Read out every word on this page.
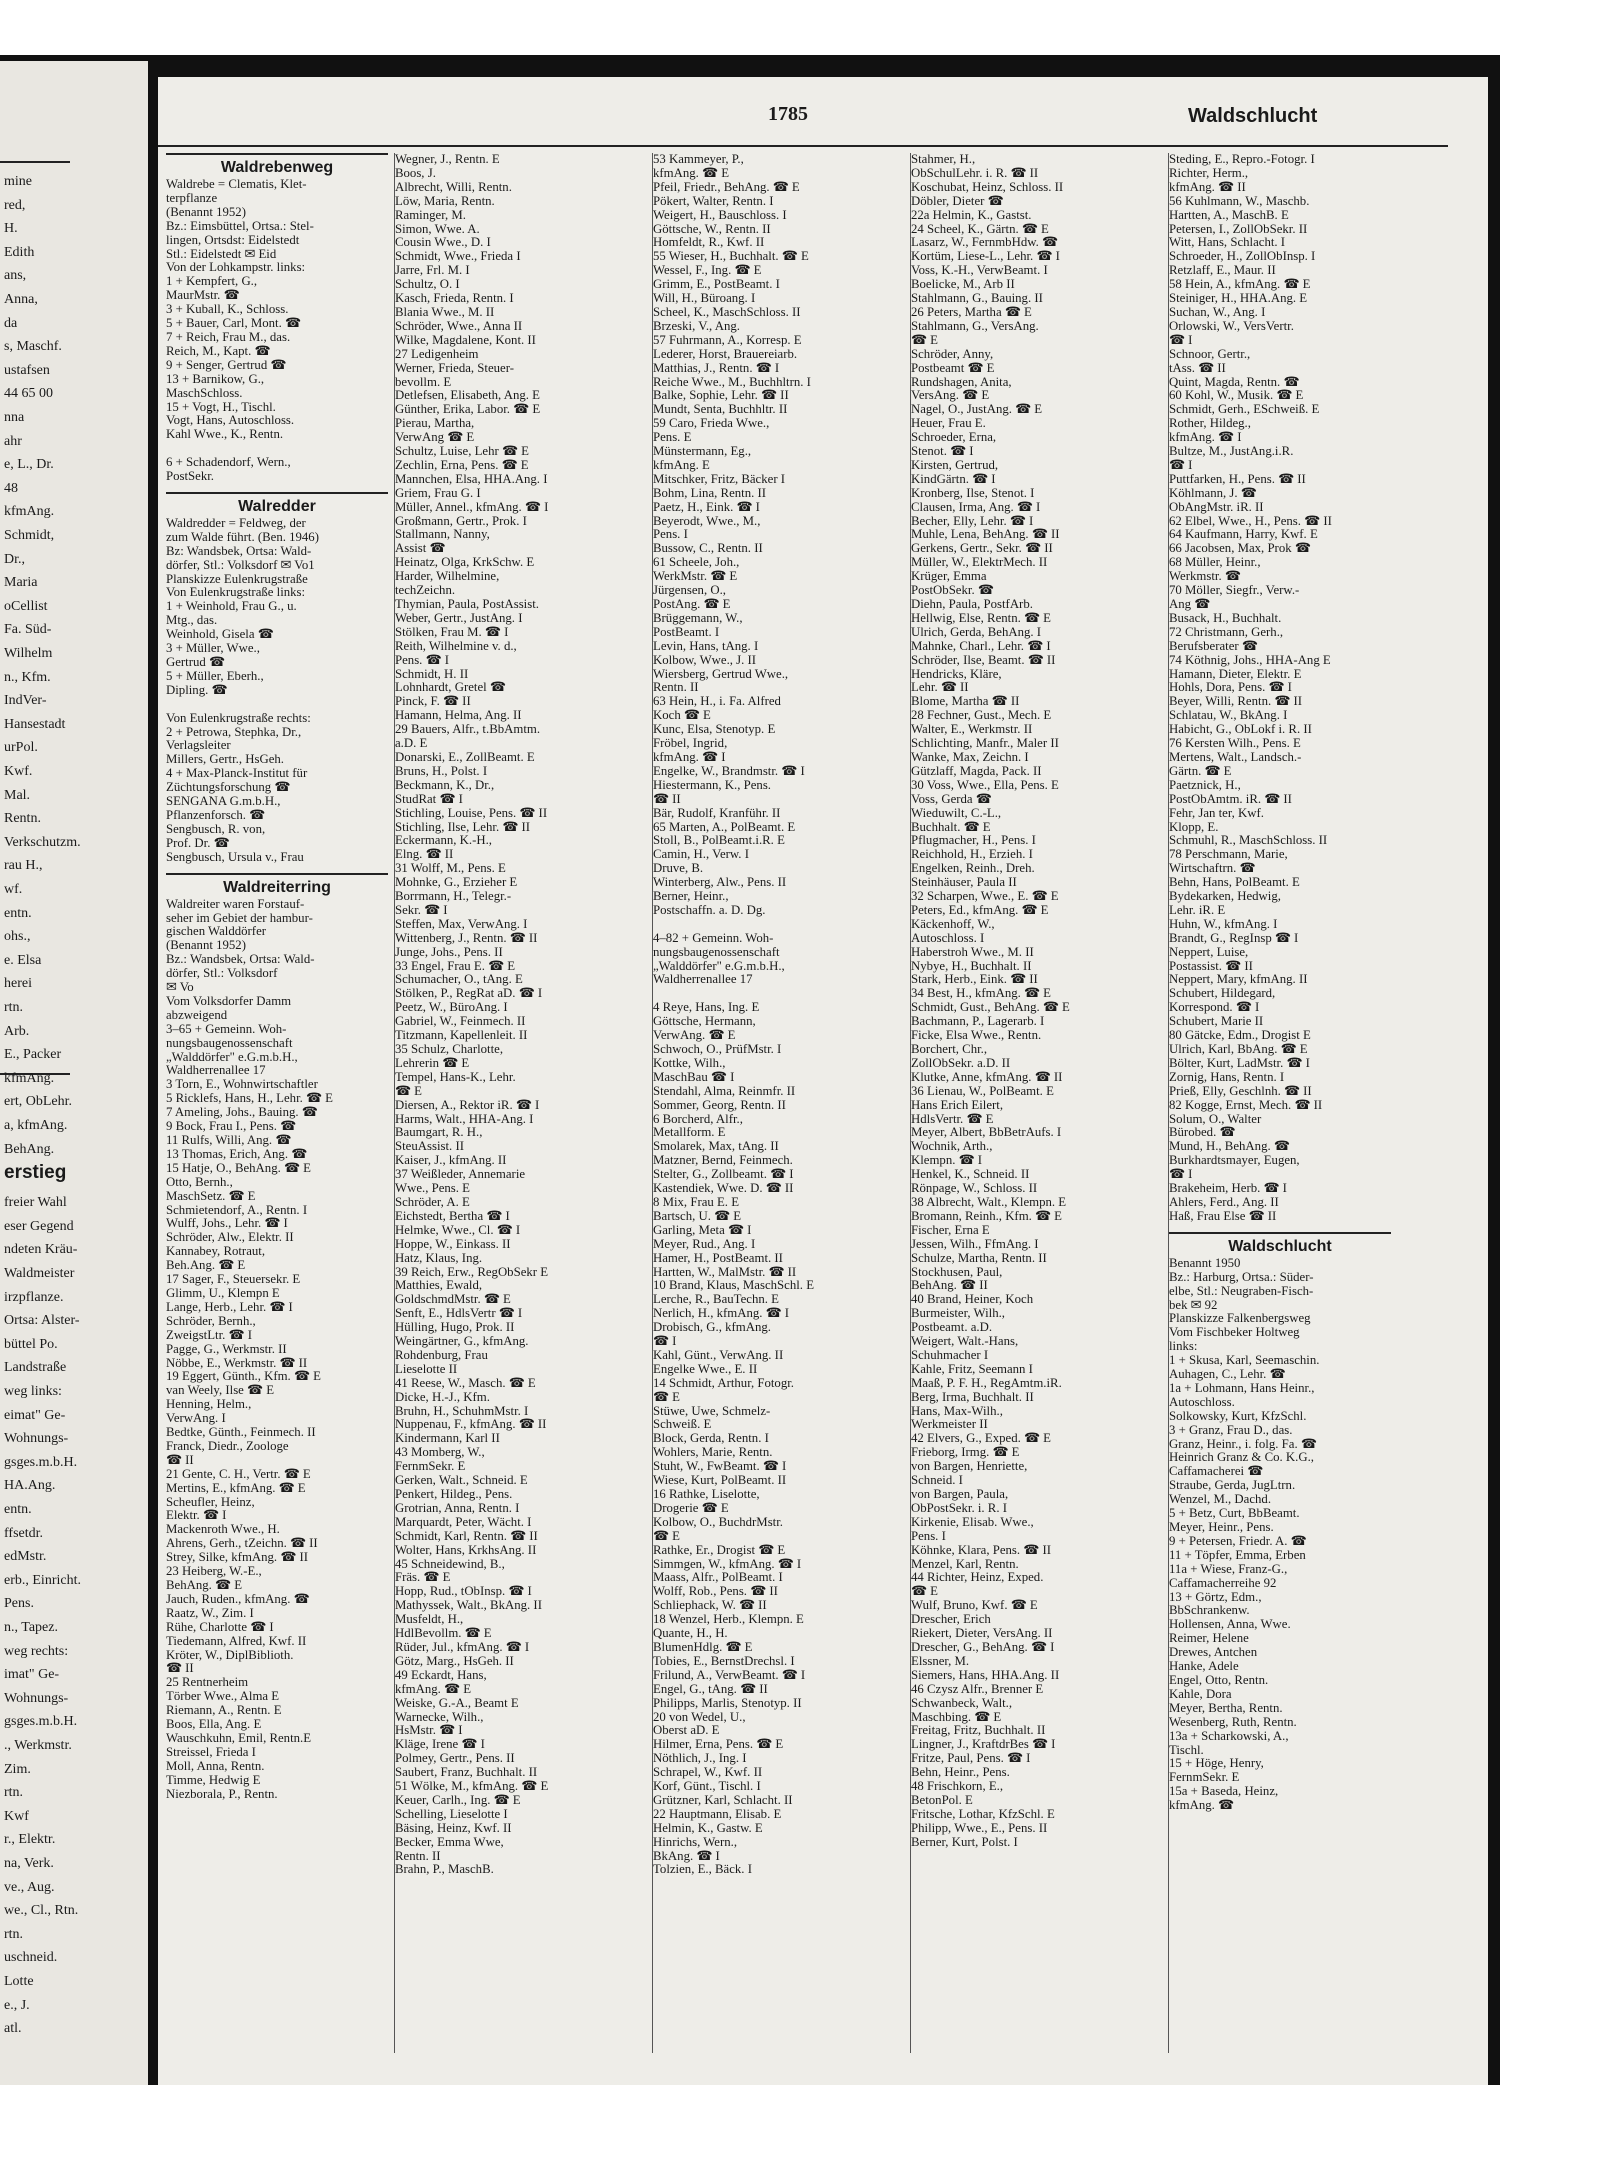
mine
red,
H.
Edith
ans,
Anna,
da
s, Maschf.
ustafsen
44 65 00
nna
ahr
e, L., Dr.
48
kfmAng.
Schmidt,
Dr.,
Maria
oCellist
Fa. Süd-
Wilhelm
n., Kfm.
IndVer-
Hansestadt
urPol.
Kwf.
Mal.
Rentn.
Verkschutzm.
rau H.,
wf.
entn.
ohs.,
e. Elsa
herei
rtn.
Arb.
E., Packer
kfmAng.
ert, ObLehr.
a, kfmAng.
BehAng.
erstieg
freier Wahl
eser Gegend
ndeten Kräu-
Waldmeister
irzpflanze.
Ortsa: Alster-
büttel Po.
Landstraße
weg links:
eimat" Ge-
Wohnungs-
gsges.m.b.H.
HA.Ang.
entn.
ffsetdr.
edMstr.
erb., Einricht.
Pens.
n., Tapez.
weg rechts:
imat" Ge-
Wohnungs-
gsges.m.b.H.
., Werkmstr.
Zim.
rtn.
Kwf
r., Elektr.
na, Verk.
ve., Aug.
we., Cl., Rtn.
rtn.
uschneid.
Lotte
e., J.
atl.
1785	Waldschlucht
Waldrebenweg
Waldrebe = Clematis, Klet-
terpflanze
(Benannt 1952)
Bz.: Eimsbüttel, Ortsa.: Stel-
lingen, Ortsdst: Eidelstedt
Stl.: Eidelstedt ✉ Eid
Von der Lohkampstr. links:
1 + Kempfert, G.,
MaurMstr. ☎
3 + Kuball, K., Schloss.
5 + Bauer, Carl, Mont. ☎
7 + Reich, Frau M., das.
Reich, M., Kapt. ☎
9 + Senger, Gertrud ☎
13 + Barnikow, G.,
MaschSchloss.
15 + Vogt, H., Tischl.
Vogt, Hans, Autoschloss.
Kahl Wwe., K., Rentn.

6 + Schadendorf, Wern.,
PostSekr.
Walredder
Waldredder = Feldweg, der
zum Walde führt. (Ben. 1946)
Bz: Wandsbek, Ortsa: Wald-
dörfer, Stl.: Volksdorf ✉ Vo1
Planskizze Eulenkrugstraße
Von Eulenkrugstraße links:
1 + Weinhold, Frau G., u.
Mtg., das.
Weinhold, Gisela ☎
3 + Müller, Wwe.,
Gertrud ☎
5 + Müller, Eberh.,
Dipling. ☎

Von Eulenkrugstraße rechts:
2 + Petrowa, Stephka, Dr.,
Verlagsleiter
Millers, Gertr., HsGeh.
4 + Max-Planck-Institut für
Züchtungsforschung ☎
SENGANA G.m.b.H.,
Pflanzenforsch. ☎
Sengbusch, R. von,
Prof. Dr. ☎
Sengbusch, Ursula v., Frau
Waldreiterring
Waldreiter waren Forstauf-
seher im Gebiet der hambur-
gischen Walddörfer
(Benannt 1952)
Bz.: Wandsbek, Ortsa: Wald-
dörfer, Stl.: Volksdorf
✉ Vo
Vom Volksdorfer Damm
abzweigend
3–65 + Gemeinn. Woh-
nungsbaugenossenschaft
„Walddörfer" e.G.m.b.H.,
Waldherrenallee 17
3 Torn, E., Wohnwirtschaftler
5 Ricklefs, Hans, H., Lehr. ☎ E
7 Ameling, Johs., Bauing. ☎
9 Bock, Frau I., Pens. ☎
11 Rulfs, Willi, Ang. ☎
13 Thomas, Erich, Ang. ☎
15 Hatje, O., BehAng. ☎ E
Otto, Bernh.,
MaschSetz. ☎ E
Schmietendorf, A., Rentn. I
Wulff, Johs., Lehr. ☎ I
Schröder, Alw., Elektr. II
Kannabey, Rotraut,
Beh.Ang. ☎ E
17 Sager, F., Steuersekr. E
Glimm, U., Klempn E
Lange, Herb., Lehr. ☎ I
Schröder, Bernh.,
ZweigstLtr. ☎ I
Pagge, G., Werkmstr. II
Nöbbe, E., Werkmstr. ☎ II
19 Eggert, Günth., Kfm. ☎ E
van Weely, Ilse ☎ E
Henning, Helm.,
VerwAng. I
Bedtke, Günth., Feinmech. II
Franck, Diedr., Zoologe
☎ II
21 Gente, C. H., Vertr. ☎ E
Mertins, E., kfmAng. ☎ E
Scheufler, Heinz,
Elektr. ☎ I
Mackenroth Wwe., H.
Ahrens, Gerh., tZeichn. ☎ II
Strey, Silke, kfmAng. ☎ II
23 Heiberg, W.-E.,
BehAng. ☎ E
Jauch, Ruden., kfmAng. ☎
Raatz, W., Zim. I
Rühe, Charlotte ☎ I
Tiedemann, Alfred, Kwf. II
Kröter, W., DiplBiblioth.
☎ II
25 Rentnerheim
Törber Wwe., Alma E
Riemann, A., Rentn. E
Boos, Ella, Ang. E
Wauschkuhn, Emil, Rentn.E
Streissel, Frieda I
Moll, Anna, Rentn.
Timme, Hedwig E
Niezborala, P., Rentn.
Wegner, J., Rentn. E
Boos, J.
Albrecht, Willi, Rentn.
Löw, Maria, Rentn.
Raminger, M.
Simon, Wwe. A.
Cousin Wwe., D. I
Schmidt, Wwe., Frieda I
Jarre, Frl. M. I
Schultz, O. I
Kasch, Frieda, Rentn. I
Blania Wwe., M. II
Schröder, Wwe., Anna II
Wilke, Magdalene, Kont. II
27 Ledigenheim
Werner, Frieda, Steuer-
bevollm. E
Detlefsen, Elisabeth, Ang. E
Günther, Erika, Labor. ☎ E
Pierau, Martha,
VerwAng ☎ E
Schultz, Luise, Lehr ☎ E
Zechlin, Erna, Pens. ☎ E
Mannchen, Elsa, HHA.Ang. I
Griem, Frau G. I
Müller, Annel., kfmAng. ☎ I
Großmann, Gertr., Prok. I
Stallmann, Nanny,
Assist ☎
Heinatz, Olga, KrkSchw. E
Harder, Wilhelmine,
techZeichn.
Thymian, Paula, PostAssist.
Weber, Gertr., JustAng. I
Stölken, Frau M. ☎ I
Reith, Wilhelmine v. d.,
Pens. ☎ I
Schmidt, H. II
Lohnhardt, Gretel ☎
Pinck, F. ☎ II
Hamann, Helma, Ang. II
29 Bauers, Alfr., t.BbAmtm.
a.D. E
Donarski, E., ZollBeamt. E
Bruns, H., Polst. I
Beckmann, K., Dr.,
StudRat ☎ I
Stichling, Louise, Pens. ☎ II
Stichling, Ilse, Lehr. ☎ II
Eckermann, K.-H.,
Elng. ☎ II
31 Wolff, M., Pens. E
Mohnke, G., Erzieher E
Borrmann, H., Telegr.-
Sekr. ☎ I
Steffen, Max, VerwAng. I
Wittenberg, J., Rentn. ☎ II
Junge, Johs., Pens. II
33 Engel, Frau E. ☎ E
Schumacher, O., tAng. E
Stölken, P., RegRat aD. ☎ I
Peetz, W., BüroAng. I
Gabriel, W., Feinmech. II
Titzmann, Kapellenleit. II
35 Schulz, Charlotte,
Lehrerin ☎ E
Tempel, Hans-K., Lehr.
☎ E
Diersen, A., Rektor iR. ☎ I
Harms, Walt., HHA-Ang. I
Baumgart, R. H.,
SteuAssist. II
Kaiser, J., kfmAng. II
37 Weißleder, Annemarie
Wwe., Pens. E
Schröder, A. E
Eichstedt, Bertha ☎ I
Helmke, Wwe., Cl. ☎ I
Hoppe, W., Einkass. II
Hatz, Klaus, Ing.
39 Reich, Erw., RegObSekr E
Matthies, Ewald,
GoldschmdMstr. ☎ E
Senft, E., HdlsVertr ☎ I
Hülling, Hugo, Prok. II
Weingärtner, G., kfmAng.
Rohdenburg, Frau
Lieselotte II
41 Reese, W., Masch. ☎ E
Dicke, H.-J., Kfm.
Bruhn, H., SchuhmMstr. I
Nuppenau, F., kfmAng. ☎ II
Kindermann, Karl II
43 Momberg, W.,
FernmSekr. E
Gerken, Walt., Schneid. E
Penkert, Hildeg., Pens.
Grotrian, Anna, Rentn. I
Marquardt, Peter, Wächt. I
Schmidt, Karl, Rentn. ☎ II
Wolter, Hans, KrkhsAng. II
45 Schneidewind, B.,
Fräs. ☎ E
Hopp, Rud., tObInsp. ☎ I
Mathyssek, Walt., BkAng. II
Musfeldt, H.,
HdlBevollm. ☎ E
Rüder, Jul., kfmAng. ☎ I
Götz, Marg., HsGeh. II
49 Eckardt, Hans,
kfmAng. ☎ E
Weiske, G.-A., Beamt E
Warnecke, Wilh.,
HsMstr. ☎ I
Kläge, Irene ☎ I
Polmey, Gertr., Pens. II
Saubert, Franz, Buchhalt. II
51 Wölke, M., kfmAng. ☎ E
Keuer, Carlh., Ing. ☎ E
Schelling, Lieselotte I
Bäsing, Heinz, Kwf. II
Becker, Emma Wwe,
Rentn. II
Brahn, P., MaschB.
53 Kammeyer, P.,
kfmAng. ☎ E
Pfeil, Friedr., BehAng. ☎ E
Pökert, Walter, Rentn. I
Weigert, H., Bauschloss. I
Göttsche, W., Rentn. II
Homfeldt, R., Kwf. II
55 Wieser, H., Buchhalt. ☎ E
Wessel, F., Ing. ☎ E
Grimm, E., PostBeamt. I
Will, H., Büroang. I
Scheel, K., MaschSchloss. II
Brzeski, V., Ang.
57 Fuhrmann, A., Korresp. E
Lederer, Horst, Brauereiarb.
Matthias, J., Rentn. ☎ I
Reiche Wwe., M., Buchhltrn. I
Balke, Sophie, Lehr. ☎ II
Mundt, Senta, Buchhltr. II
59 Caro, Frieda Wwe.,
Pens. E
Münstermann, Eg.,
kfmAng. E
Mitschker, Fritz, Bäcker I
Bohm, Lina, Rentn. II
Paetz, H., Eink. ☎ I
Beyerodt, Wwe., M.,
Pens. I
Bussow, C., Rentn. II
61 Scheele, Joh.,
WerkMstr. ☎ E
Jürgensen, O.,
PostAng. ☎ E
Brüggemann, W.,
PostBeamt. I
Levin, Hans, tAng. I
Kolbow, Wwe., J. II
Wiersberg, Gertrud Wwe.,
Rentn. II
63 Hein, H., i. Fa. Alfred
Koch ☎ E
Kunc, Elsa, Stenotyp. E
Fröbel, Ingrid,
kfmAng. ☎ I
Engelke, W., Brandmstr. ☎ I
Hiestermann, K., Pens.
☎ II
Bär, Rudolf, Kranführ. II
65 Marten, A., PolBeamt. E
Stoll, B., PolBeamt.i.R. E
Camin, H., Verw. I
Druve, B.
Winterberg, Alw., Pens. II
Berner, Heinr.,
Postschaffn. a. D. Dg.

4–82 + Gemeinn. Woh-
nungsbaugenossenschaft
„Walddörfer" e.G.m.b.H.,
Waldherrenallee 17

4 Reye, Hans, Ing. E
Göttsche, Hermann,
VerwAng. ☎ E
Schwoch, O., PrüfMstr. I
Kottke, Wilh.,
MaschBau ☎ I
Stendahl, Alma, Reinmfr. II
Sommer, Georg, Rentn. II
6 Borcherd, Alfr.,
Metallform. E
Smolarek, Max, tAng. II
Matzner, Bernd, Feinmech.
Stelter, G., Zollbeamt. ☎ I
Kastendiek, Wwe. D. ☎ II
8 Mix, Frau E. E
Bartsch, U. ☎ E
Garling, Meta ☎ I
Meyer, Rud., Ang. I
Hamer, H., PostBeamt. II
Hartten, W., MalMstr. ☎ II
10 Brand, Klaus, MaschSchl. E
Lerche, R., BauTechn. E
Nerlich, H., kfmAng. ☎ I
Drobisch, G., kfmAng.
☎ I
Kahl, Günt., VerwAng. II
Engelke Wwe., E. II
14 Schmidt, Arthur, Fotogr.
☎ E
Stüwe, Uwe, Schmelz-
Schweiß. E
Block, Gerda, Rentn. I
Wohlers, Marie, Rentn.
Stuht, W., FwBeamt. ☎ I
Wiese, Kurt, PolBeamt. II
16 Rathke, Liselotte,
Drogerie ☎ E
Kolbow, O., BuchdrMstr.
☎ E
Rathke, Er., Drogist ☎ E
Simmgen, W., kfmAng. ☎ I
Maass, Alfr., PolBeamt. I
Wolff, Rob., Pens. ☎ II
Schliephack, W. ☎ II
18 Wenzel, Herb., Klempn. E
Quante, H., H.
BlumenHdlg. ☎ E
Tobies, E., BernstDrechsl. I
Frilund, A., VerwBeamt. ☎ I
Engel, G., tAng. ☎ II
Philipps, Marlis, Stenotyp. II
20 von Wedel, U.,
Oberst aD. E
Hilmer, Erna, Pens. ☎ E
Nöthlich, J., Ing. I
Schrapel, W., Kwf. II
Korf, Günt., Tischl. I
Grützner, Karl, Schlacht. II
22 Hauptmann, Elisab. E
Helmin, K., Gastw. E
Hinrichs, Wern.,
BkAng. ☎ I
Tolzien, E., Bäck. I
Stahmer, H.,
ObSchulLehr. i. R. ☎ II
Koschubat, Heinz, Schloss. II
Döbler, Dieter ☎
22a Helmin, K., Gastst.
24 Scheel, K., Gärtn. ☎ E
Lasarz, W., FernmbHdw. ☎
Kortüm, Liese-L., Lehr. ☎ I
Voss, K.-H., VerwBeamt. I
Boelicke, M., Arb II
Stahlmann, G., Bauing. II
26 Peters, Martha ☎ E
Stahlmann, G., VersAng.
☎ E
Schröder, Anny,
Postbeamt ☎ E
Rundshagen, Anita,
VersAng. ☎ E
Nagel, O., JustAng. ☎ E
Heuer, Frau E.
Schroeder, Erna,
Stenot. ☎ I
Kirsten, Gertrud,
KindGärtn. ☎ I
Kronberg, Ilse, Stenot. I
Clausen, Irma, Ang. ☎ I
Becher, Elly, Lehr. ☎ I
Muhle, Lena, BehAng. ☎ II
Gerkens, Gertr., Sekr. ☎ II
Müller, W., ElektrMech. II
Krüger, Emma
PostObSekr. ☎
Diehn, Paula, PostfArb.
Hellwig, Else, Rentn. ☎ E
Ulrich, Gerda, BehAng. I
Mahnke, Charl., Lehr. ☎ I
Schröder, Ilse, Beamt. ☎ II
Hendricks, Kläre,
Lehr. ☎ II
Blome, Martha ☎ II
28 Fechner, Gust., Mech. E
Walter, E., Werkmstr. II
Schlichting, Manfr., Maler II
Wanke, Max, Zeichn. I
Gützlaff, Magda, Pack. II
30 Voss, Wwe., Ella, Pens. E
Voss, Gerda ☎
Wieduwilt, C.-L.,
Buchhalt. ☎ E
Pflugmacher, H., Pens. I
Reichhold, H., Erzieh. I
Engelken, Reinh., Dreh.
Steinhäuser, Paula II
32 Scharpen, Wwe., E. ☎ E
Peters, Ed., kfmAng. ☎ E
Käckenhoff, W.,
Autoschloss. I
Haberstroh Wwe., M. II
Nybye, H., Buchhalt. II
Stark, Herb., Eink. ☎ II
34 Best, H., kfmAng. ☎ E
Schmidt, Gust., BehAng. ☎ E
Bachmann, P., Lagerarb. I
Ficke, Elsa Wwe., Rentn.
Borchert, Chr.,
ZollObSekr. a.D. II
Klutke, Anne, kfmAng. ☎ II
36 Lienau, W., PolBeamt. E
Hans Erich Eilert,
HdlsVertr. ☎ E
Meyer, Albert, BbBetrAufs. I
Wochnik, Arth.,
Klempn. ☎ I
Henkel, K., Schneid. II
Rönpage, W., Schloss. II
38 Albrecht, Walt., Klempn. E
Bromann, Reinh., Kfm. ☎ E
Fischer, Erna E
Jessen, Wilh., FfmAng. I
Schulze, Martha, Rentn. II
Stockhusen, Paul,
BehAng. ☎ II
40 Brand, Heiner, Koch
Burmeister, Wilh.,
Postbeamt. a.D.
Weigert, Walt.-Hans,
Schuhmacher I
Kahle, Fritz, Seemann I
Maaß, P. F. H., RegAmtm.iR.
Berg, Irma, Buchhalt. II
Hans, Max-Wilh.,
Werkmeister II
42 Elvers, G., Exped. ☎ E
Frieborg, Irmg. ☎ E
von Bargen, Henriette,
Schneid. I
von Bargen, Paula,
ObPostSekr. i. R. I
Kirkenie, Elisab. Wwe.,
Pens. I
Köhnke, Klara, Pens. ☎ II
Menzel, Karl, Rentn.
44 Richter, Heinz, Exped.
☎ E
Wulf, Bruno, Kwf. ☎ E
Drescher, Erich
Riekert, Dieter, VersAng. II
Drescher, G., BehAng. ☎ I
Elssner, M.
Siemers, Hans, HHA.Ang. II
46 Czysz Alfr., Brenner E
Schwanbeck, Walt.,
Maschbing. ☎ E
Freitag, Fritz, Buchhalt. II
Lingner, J., KraftdrBes ☎ I
Fritze, Paul, Pens. ☎ I
Behn, Heinr., Pens.
48 Frischkorn, E.,
BetonPol. E
Fritsche, Lothar, KfzSchl. E
Philipp, Wwe., E., Pens. II
Berner, Kurt, Polst. I
Steding, E., Repro.-Fotogr. I
Richter, Herm.,
kfmAng. ☎ II
56 Kuhlmann, W., Maschb.
Hartten, A., MaschB. E
Petersen, I., ZollObSekr. II
Witt, Hans, Schlacht. I
Schroeder, H., ZollObInsp. I
Retzlaff, E., Maur. II
58 Hein, A., kfmAng. ☎ E
Steiniger, H., HHA.Ang. E
Suchan, W., Ang. I
Orlowski, W., VersVertr.
☎ I
Schnoor, Gertr.,
tAss. ☎ II
Quint, Magda, Rentn. ☎
60 Kohl, W., Musik. ☎ E
Schmidt, Gerh., ESchweiß. E
Rother, Hildeg.,
kfmAng. ☎ I
Bultze, M., JustAng.i.R.
☎ I
Puttfarken, H., Pens. ☎ II
Köhlmann, J. ☎
ObAngMstr. iR. II
62 Elbel, Wwe., H., Pens. ☎ II
64 Kaufmann, Harry, Kwf. E
66 Jacobsen, Max, Prok ☎
68 Müller, Heinr.,
Werkmstr. ☎
70 Möller, Siegfr., Verw.-
Ang ☎
Busack, H., Buchhalt.
72 Christmann, Gerh.,
Berufsberater ☎
74 Köthnig, Johs., HHA-Ang E
Hamann, Dieter, Elektr. E
Hohls, Dora, Pens. ☎ I
Beyer, Willi, Rentn. ☎ II
Schlatau, W., BkAng. I
Habicht, G., ObLokf i. R. II
76 Kersten Wilh., Pens. E
Mertens, Walt., Landsch.-
Gärtn. ☎ E
Paetznick, H.,
PostObAmtm. iR. ☎ II
Fehr, Jan ter, Kwf.
Klopp, E.
Schmuhl, R., MaschSchloss. II
78 Perschmann, Marie,
Wirtschaftrn. ☎
Behn, Hans, PolBeamt. E
Bydekarken, Hedwig,
Lehr. iR. E
Huhn, W., kfmAng. I
Brandt, G., RegInsp ☎ I
Neppert, Luise,
Postassist. ☎ II
Neppert, Mary, kfmAng. II
Schubert, Hildegard,
Korrespond. ☎ I
Schubert, Marie II
80 Gätcke, Edm., Drogist E
Ulrich, Karl, BbAng. ☎ E
Bölter, Kurt, LadMstr. ☎ I
Zornig, Hans, Rentn. I
Prieß, Elly, Geschlnh. ☎ II
82 Kogge, Ernst, Mech. ☎ II
Solum, O., Walter
Bürobed. ☎
Mund, H., BehAng. ☎
Burkhardtsmayer, Eugen,
☎ I
Brakeheim, Herb. ☎ I
Ahlers, Ferd., Ang. II
Haß, Frau Else ☎ II
Waldschlucht
Benannt 1950
Bz.: Harburg, Ortsa.: Süder-
elbe, Stl.: Neugraben-Fisch-
bek ✉ 92
Planskizze Falkenbergsweg
Vom Fischbeker Holtweg
links:
1 + Skusa, Karl, Seemaschin.
Auhagen, C., Lehr. ☎
1a + Lohmann, Hans Heinr.,
Autoschloss.
Solkowsky, Kurt, KfzSchl.
3 + Granz, Frau D., das.
Granz, Heinr., i. folg. Fa. ☎
Heinrich Granz & Co. K.G.,
Caffamacherei ☎
Straube, Gerda, JugLtrn.
Wenzel, M., Dachd.
5 + Betz, Curt, BbBeamt.
Meyer, Heinr., Pens.
9 + Petersen, Friedr. A. ☎
11 + Töpfer, Emma, Erben
11a + Wiese, Franz-G.,
Caffamacherreihe 92
13 + Görtz, Edm.,
BbSchrankenw.
Hollensen, Anna, Wwe.
Reimer, Helene
Drewes, Antchen
Hanke, Adele
Engel, Otto, Rentn.
Kahle, Dora
Meyer, Bertha, Rentn.
Wesenberg, Ruth, Rentn.
13a + Scharkowski, A.,
Tischl.
15 + Höge, Henry,
FernmSekr. E
15a + Baseda, Heinz,
kfmAng. ☎
